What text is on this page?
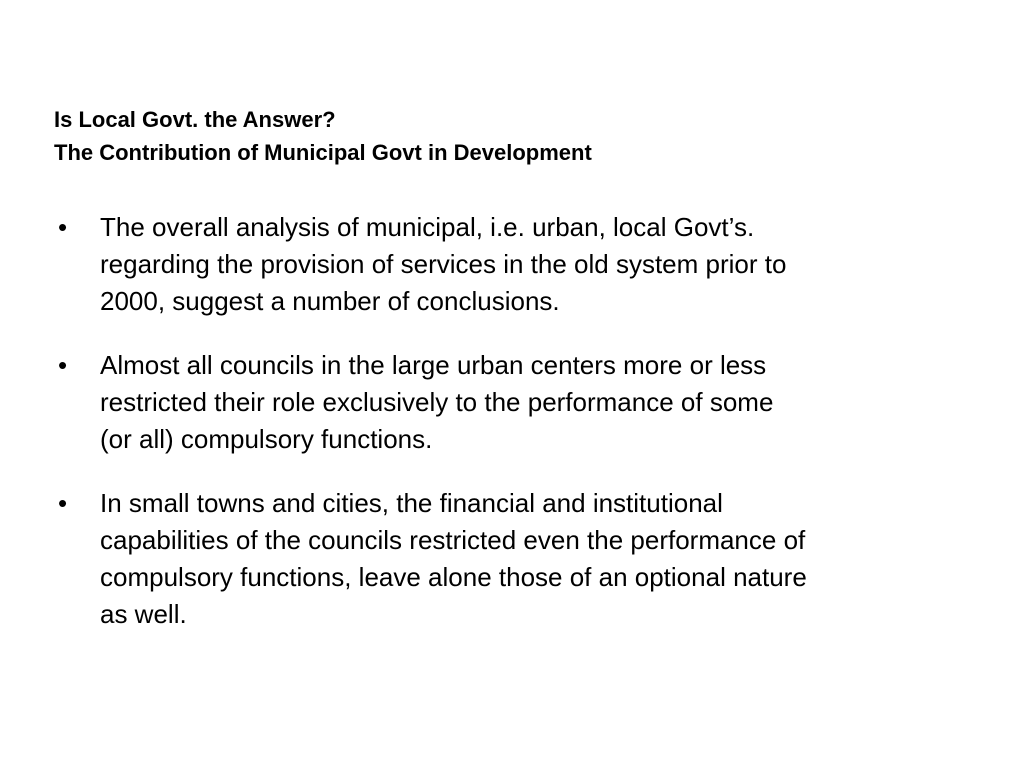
Is Local Govt. the Answer?
The Contribution of Municipal Govt in Development
•	The overall analysis of municipal, i.e. urban, local Govt’s.
regarding the provision of services in the old system prior to
2000, suggest a number of conclusions.
•	Almost all councils in the large urban centers more or less
restricted their role exclusively to the performance of some
(or all) compulsory functions.
•	In small towns and cities, the financial and institutional
capabilities of the councils restricted even the performance of
compulsory functions, leave alone those of an optional nature
as well.
